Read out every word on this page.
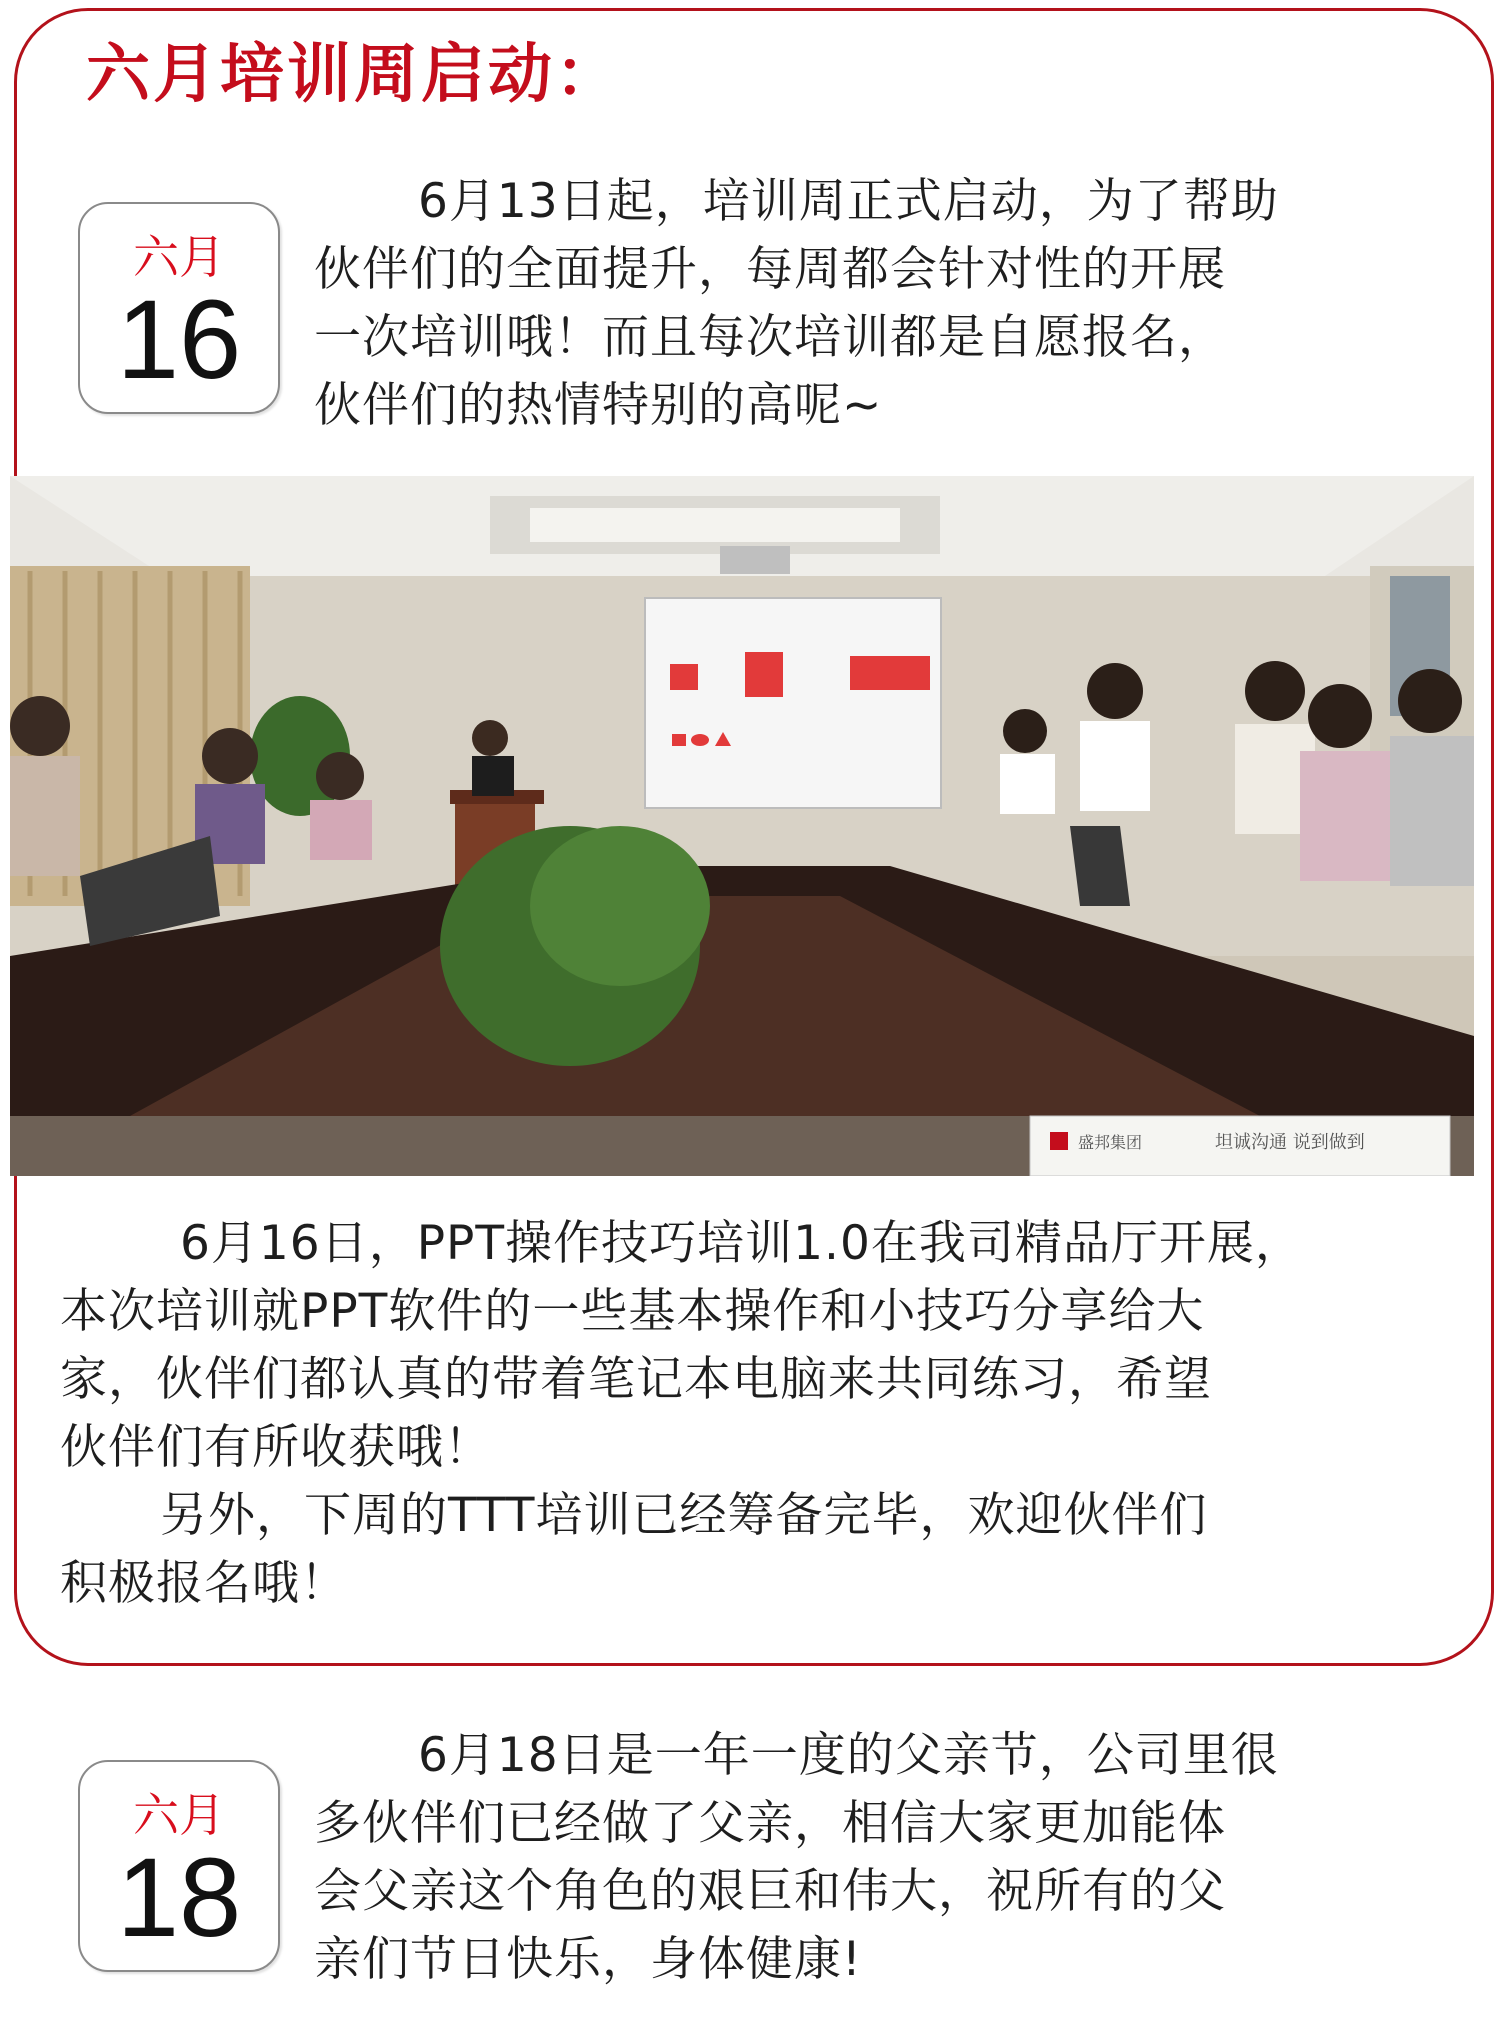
六月培训周启动：
六月
16
6月13日起，培训周正式启动，为了帮助
伙伴们的全面提升，每周都会针对性的开展
一次培训哦！而且每次培训都是自愿报名，
伙伴们的热情特别的高呢~
盛邦集团	坦诚沟通 说到做到
6月16日，PPT操作技巧培训1.0在我司精品厅开展，
本次培训就PPT软件的一些基本操作和小技巧分享给大
家，伙伴们都认真的带着笔记本电脑来共同练习，希望
伙伴们有所收获哦！
另外，下周的TTT培训已经筹备完毕，欢迎伙伴们
积极报名哦！
六月
18
6月18日是一年一度的父亲节，公司里很
多伙伴们已经做了父亲，相信大家更加能体
会父亲这个角色的艰巨和伟大，祝所有的父
亲们节日快乐，身体健康!
